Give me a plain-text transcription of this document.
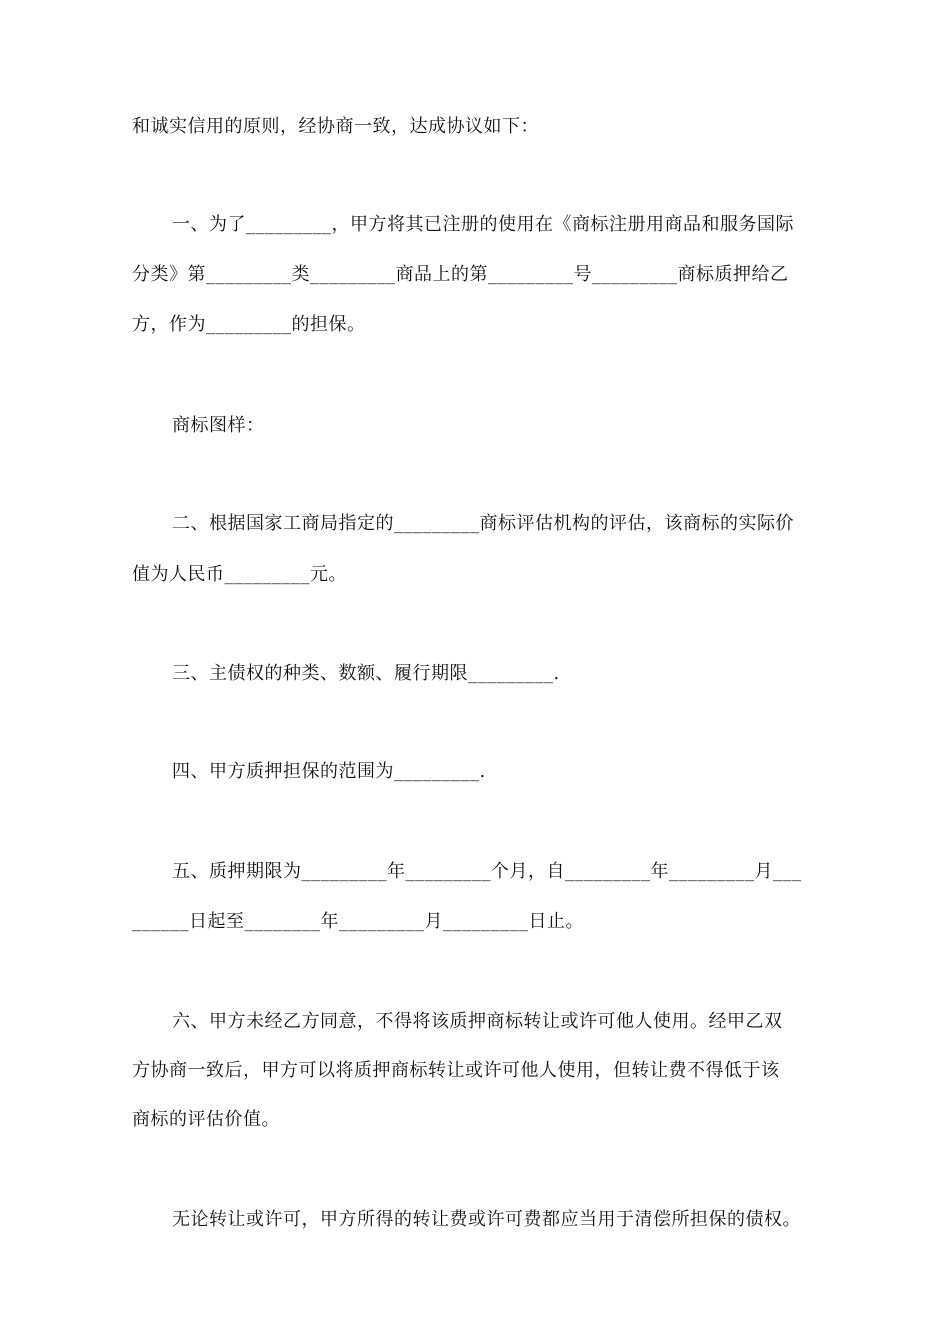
和诚实信用的原则，经协商一致，达成协议如下：
一、为了_________，甲方将其已注册的使用在《商标注册用商品和服务国际
分类》第_________类_________商品上的第_________号_________商标质押给乙
方，作为_________的担保。
商标图样：
二、根据国家工商局指定的_________商标评估机构的评估，该商标的实际价
值为人民币_________元。
三、主债权的种类、数额、履行期限_________.
四、甲方质押担保的范围为_________.
五、质押期限为_________年_________个月，自_________年_________月___
______日起至________年_________月_________日止。
六、甲方未经乙方同意，不得将该质押商标转让或许可他人使用。经甲乙双
方协商一致后，甲方可以将质押商标转让或许可他人使用，但转让费不得低于该
商标的评估价值。
无论转让或许可，甲方所得的转让费或许可费都应当用于清偿所担保的债权。
